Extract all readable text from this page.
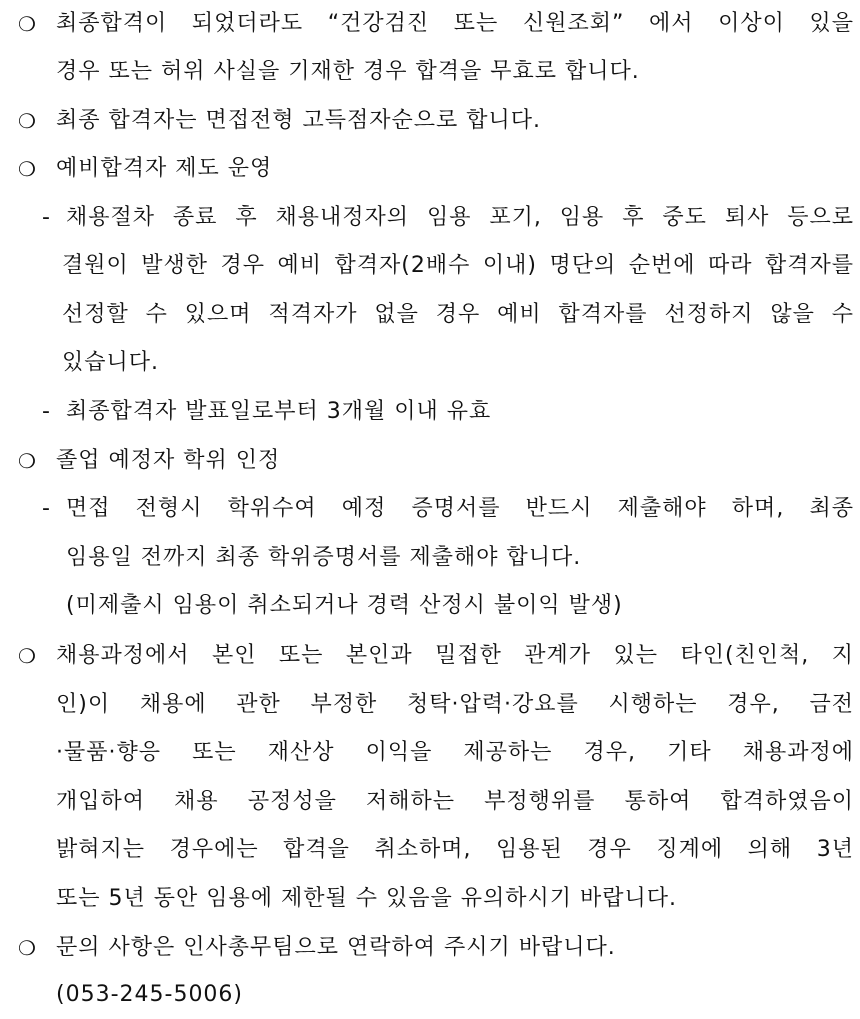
❍ 최종합격이 되었더라도 “건강검진 또는 신원조회” 에서 이상이 있을
경우 또는 허위 사실을 기재한 경우 합격을 무효로 합니다.
❍ 최종 합격자는 면접전형 고득점자순으로 합니다.
❍ 예비합격자 제도 운영
- 채용절차 종료 후 채용내정자의 임용 포기, 임용 후 중도 퇴사 등으로
결원이 발생한 경우 예비 합격자(2배수 이내) 명단의 순번에 따라 합격자를
선정할 수 있으며 적격자가 없을 경우 예비 합격자를 선정하지 않을 수
있습니다.
- 최종합격자 발표일로부터 3개월 이내 유효
❍ 졸업 예정자 학위 인정
- 면접 전형시 학위수여 예정 증명서를 반드시 제출해야 하며, 최종
임용일 전까지 최종 학위증명서를 제출해야 합니다.
(미제출시 임용이 취소되거나 경력 산정시 불이익 발생)
❍ 채용과정에서 본인 또는 본인과 밀접한 관계가 있는 타인(친인척, 지
인)이 채용에 관한 부정한 청탁·압력·강요를 시행하는 경우, 금전
·물품·향응 또는 재산상 이익을 제공하는 경우, 기타 채용과정에
개입하여 채용 공정성을 저해하는 부정행위를 통하여 합격하였음이
밝혀지는 경우에는 합격을 취소하며, 임용된 경우 징계에 의해 3년
또는 5년 동안 임용에 제한될 수 있음을 유의하시기 바랍니다.
❍ 문의 사항은 인사총무팀으로 연락하여 주시기 바랍니다.
(053-245-5006)
